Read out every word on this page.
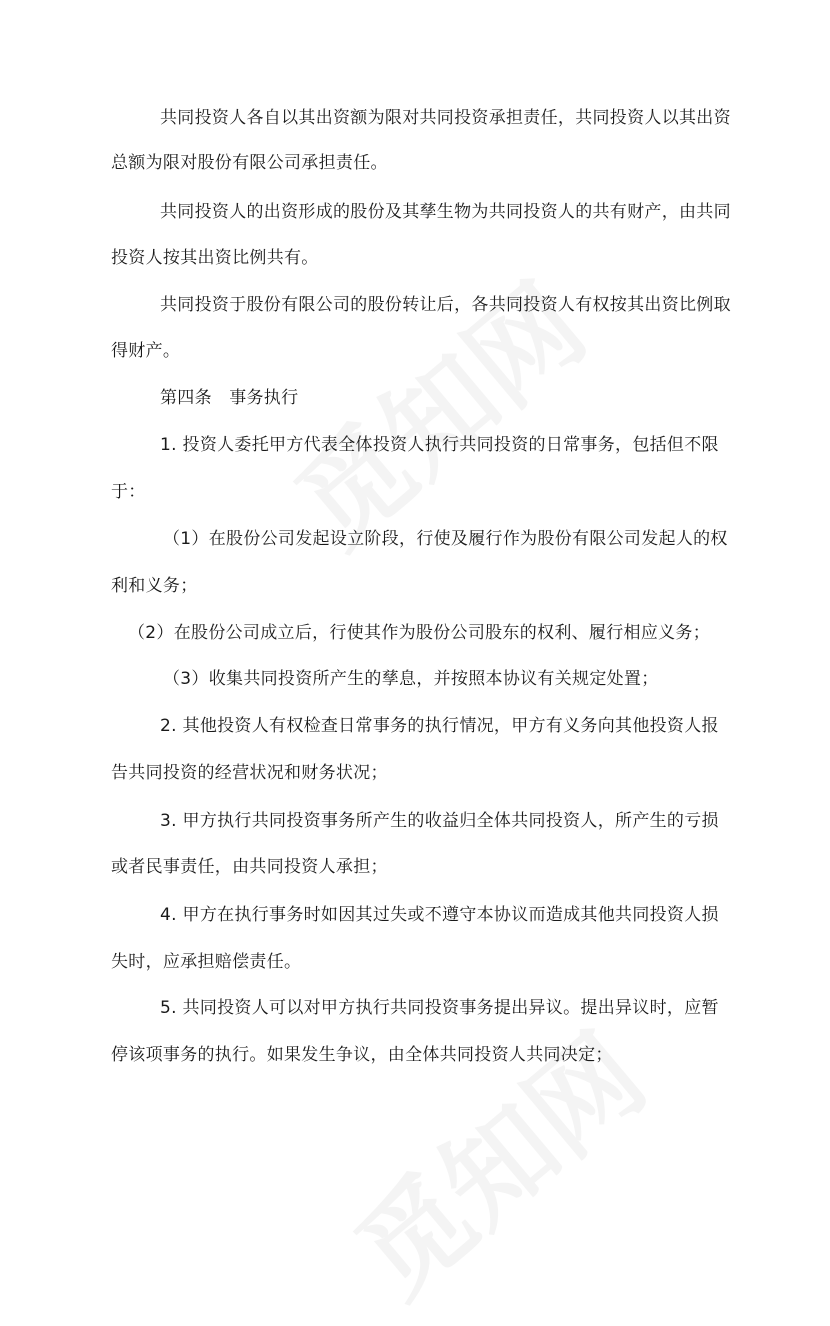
共同投资人各自以其出资额为限对共同投资承担责任，共同投资人以其出资
总额为限对股份有限公司承担责任。
共同投资人的出资形成的股份及其孳生物为共同投资人的共有财产，由共同
投资人按其出资比例共有。
共同投资于股份有限公司的股份转让后，各共同投资人有权按其出资比例取
得财产。
第四条　事务执行
1. 投资人委托甲方代表全体投资人执行共同投资的日常事务，包括但不限
于：
（1）在股份公司发起设立阶段，行使及履行作为股份有限公司发起人的权
利和义务；
（2）在股份公司成立后，行使其作为股份公司股东的权利、履行相应义务；
（3）收集共同投资所产生的孳息，并按照本协议有关规定处置；
2. 其他投资人有权检查日常事务的执行情况，甲方有义务向其他投资人报
告共同投资的经营状况和财务状况；
3. 甲方执行共同投资事务所产生的收益归全体共同投资人，所产生的亏损
或者民事责任，由共同投资人承担；
4. 甲方在执行事务时如因其过失或不遵守本协议而造成其他共同投资人损
失时，应承担赔偿责任。
5. 共同投资人可以对甲方执行共同投资事务提出异议。提出异议时，应暂
停该项事务的执行。如果发生争议，由全体共同投资人共同决定；
